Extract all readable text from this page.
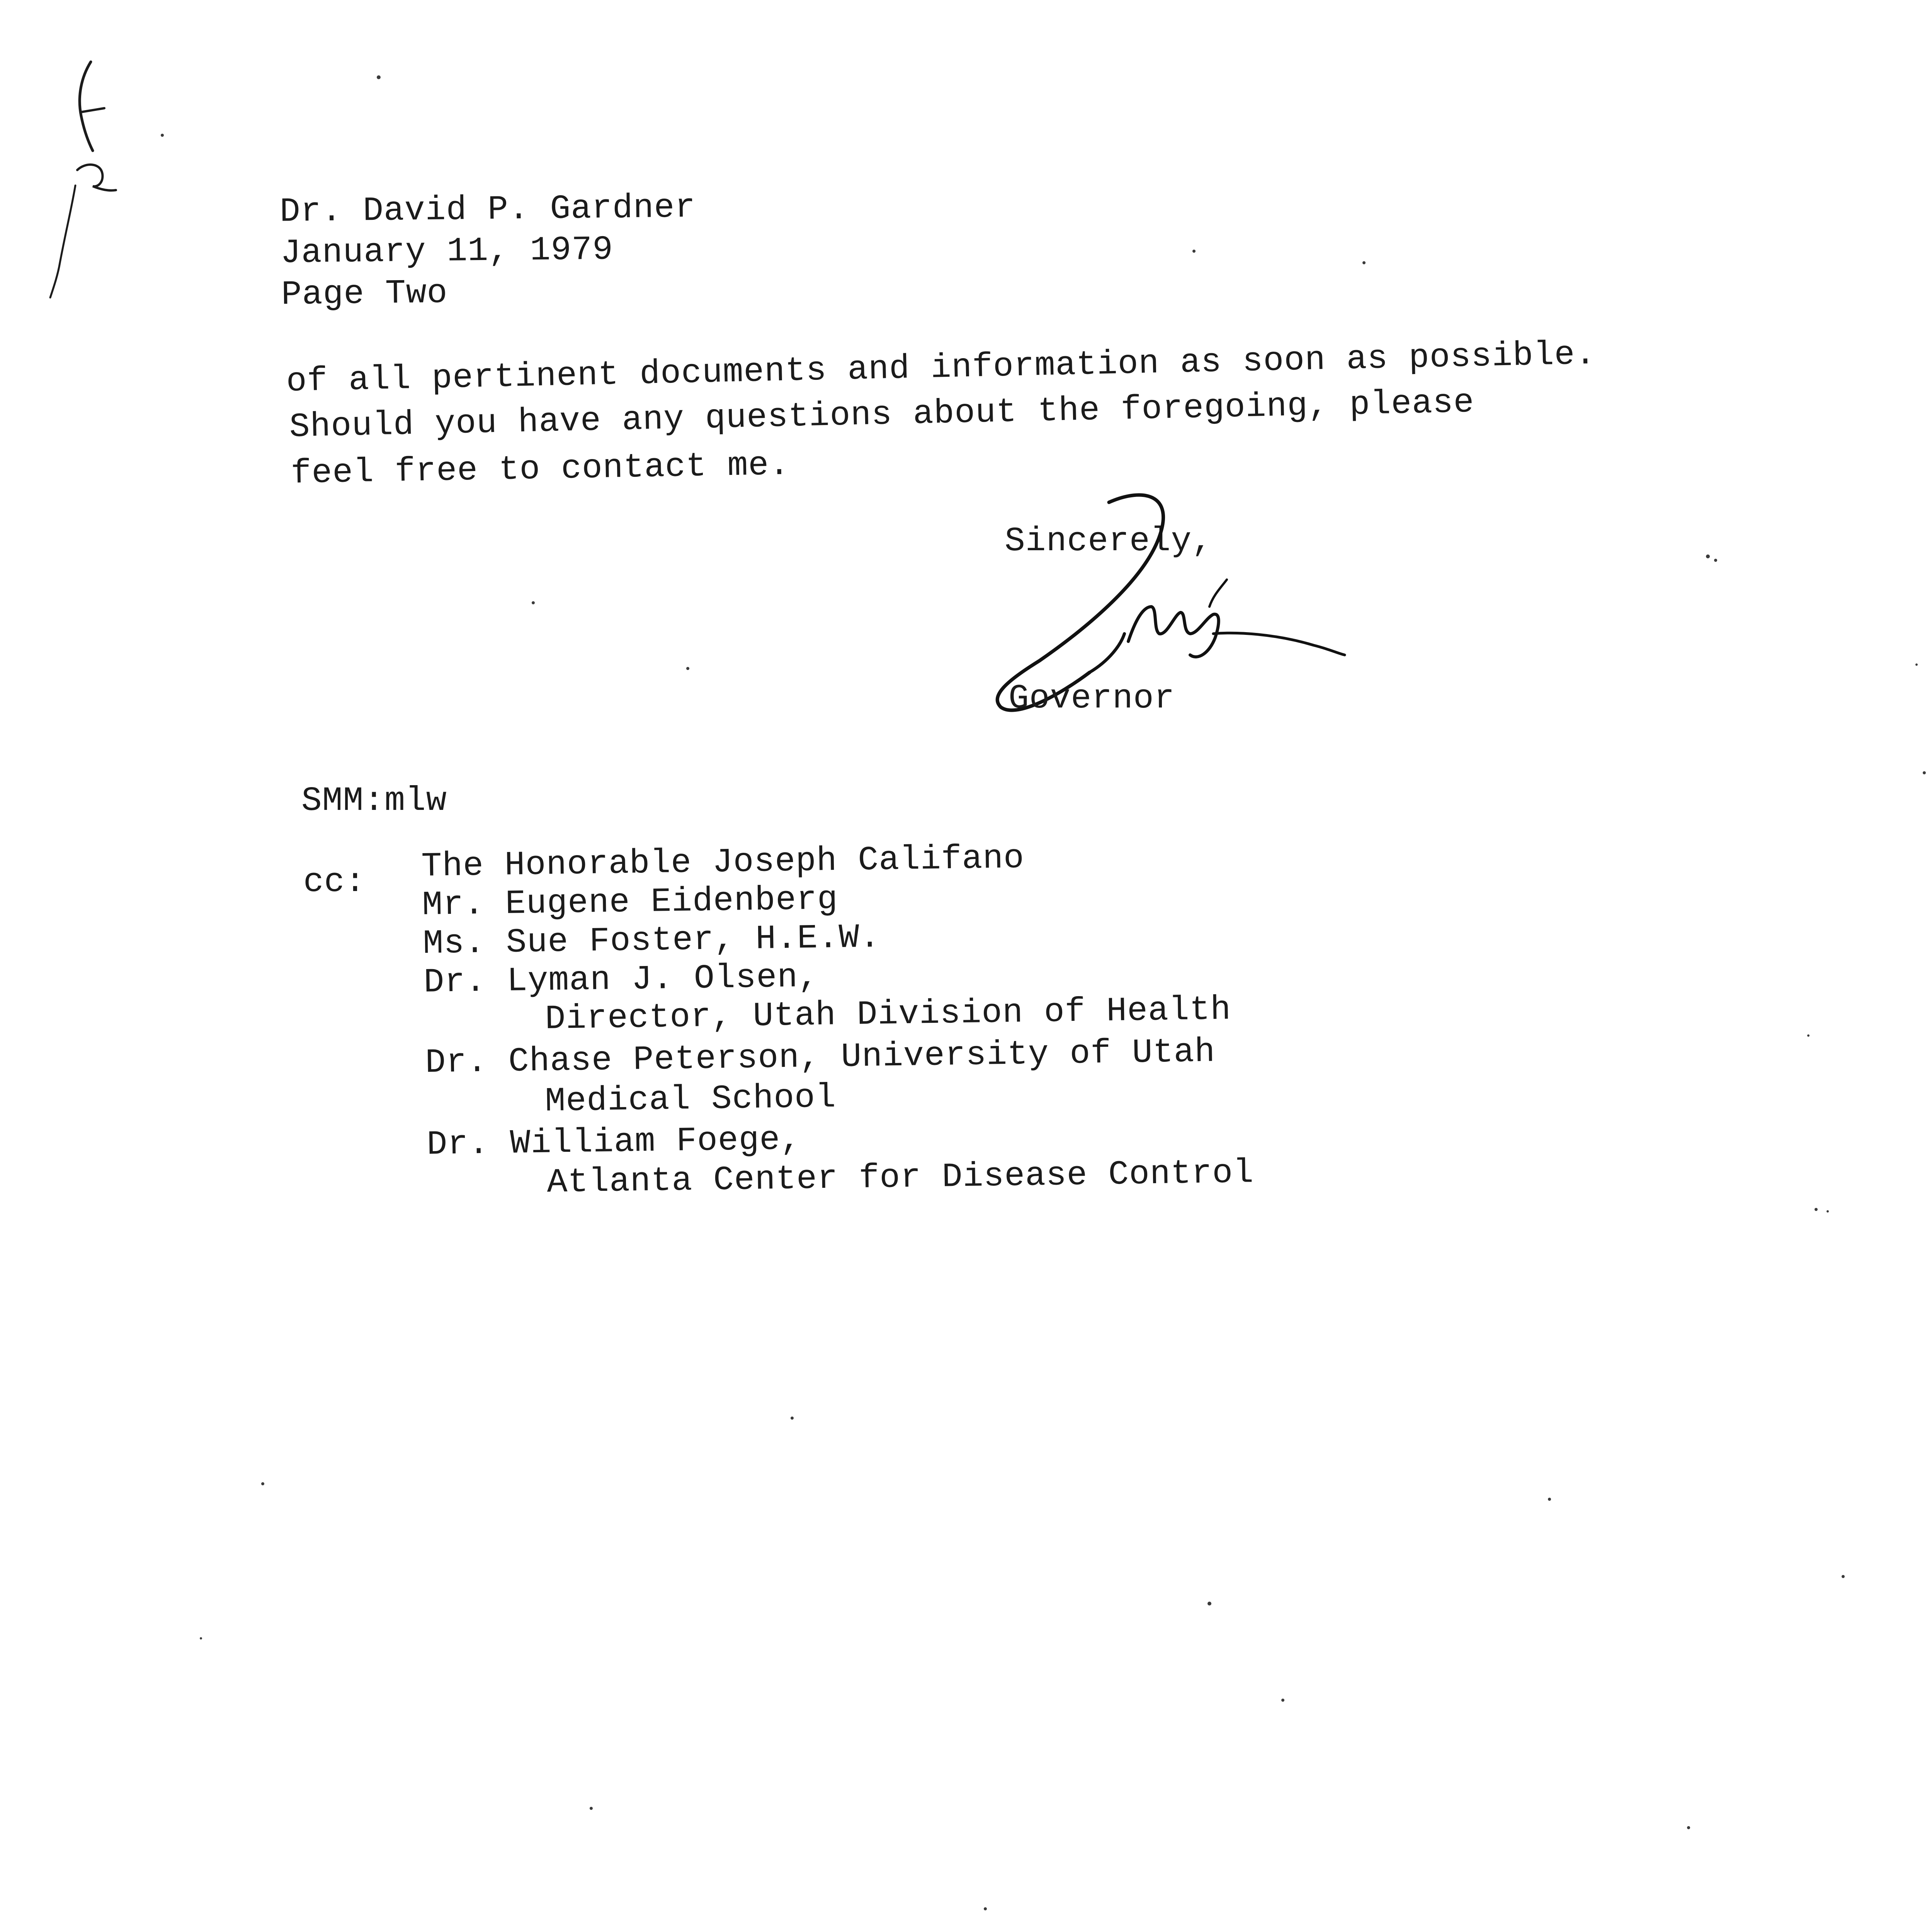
Dr. David P. Gardner
January 11, 1979
Page Two
of all pertinent documents and information as soon as possible.
Should you have any questions about the foregoing, please
feel free to contact me.
Sincerely,
Governor
SMM:mlw
cc: The Honorable Joseph Califano
Mr. Eugene Eidenberg
Ms. Sue Foster, H.E.W.
Dr. Lyman J. Olsen,
Director, Utah Division of Health
Dr. Chase Peterson, University of Utah
Medical School
Dr. William Foege,
Atlanta Center for Disease Control
